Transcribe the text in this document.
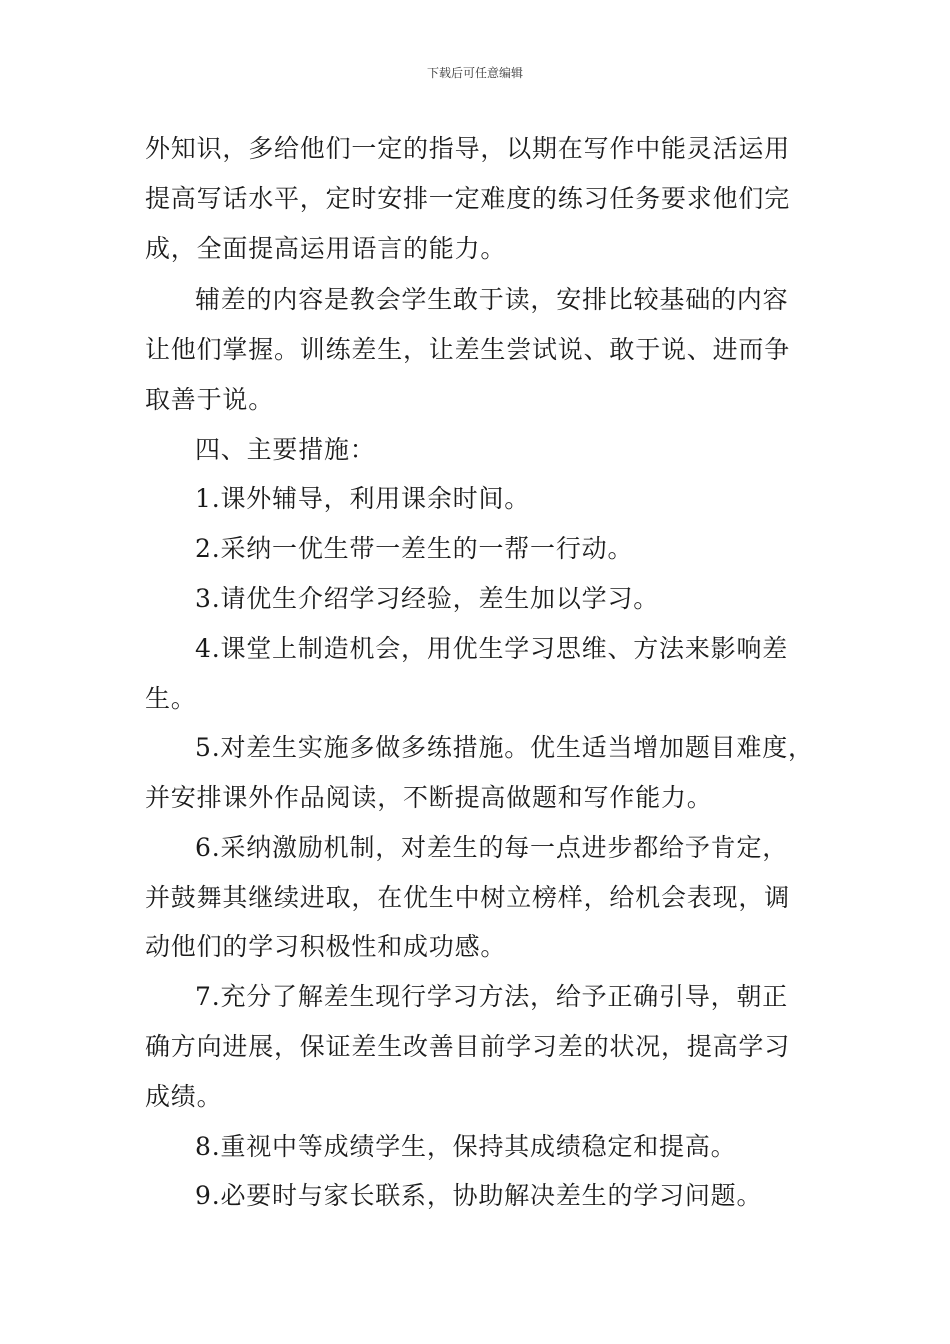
下载后可任意编辑
外知识，多给他们一定的指导，以期在写作中能灵活运用
提高写话水平，定时安排一定难度的练习任务要求他们完
成，全面提高运用语言的能力。
辅差的内容是教会学生敢于读，安排比较基础的内容
让他们掌握。训练差生，让差生尝试说、敢于说、进而争
取善于说。
四、主要措施：
1.课外辅导，利用课余时间。
2.采纳一优生带一差生的一帮一行动。
3.请优生介绍学习经验，差生加以学习。
4.课堂上制造机会，用优生学习思维、方法来影响差
生。
5.对差生实施多做多练措施。优生适当增加题目难度，
并安排课外作品阅读，不断提高做题和写作能力。
6.采纳激励机制，对差生的每一点进步都给予肯定，
并鼓舞其继续进取，在优生中树立榜样，给机会表现，调
动他们的学习积极性和成功感。
7.充分了解差生现行学习方法，给予正确引导，朝正
确方向进展，保证差生改善目前学习差的状况，提高学习
成绩。
8.重视中等成绩学生，保持其成绩稳定和提高。
9.必要时与家长联系，协助解决差生的学习问题。
